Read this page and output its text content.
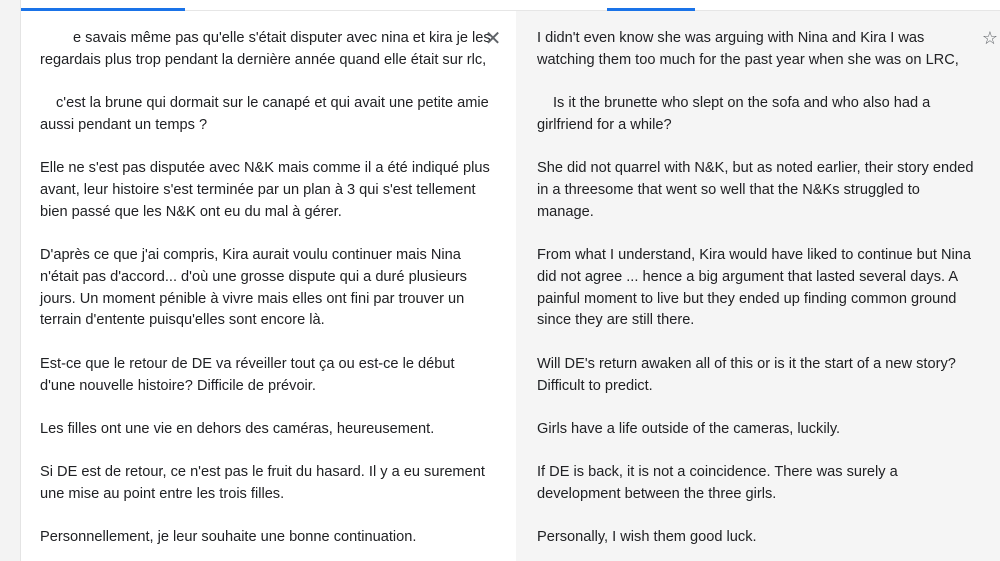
e savais même pas qu'elle s'était disputer avec nina et kira je les

regardais plus trop pendant la dernière année quand elle était sur rlc,

c'est la brune qui dormait sur le canapé et qui avait une petite amie

aussi pendant un temps ?

Elle ne s'est pas disputée avec N&K mais comme il a été indiqué plus

avant, leur histoire s'est terminée par un plan à 3 qui s'est tellement

bien passé que les N&K ont eu du mal à gérer.

D'après ce que j'ai compris, Kira aurait voulu continuer mais Nina

n'était pas d'accord... d'où une grosse dispute qui a duré plusieurs

jours. Un moment pénible à vivre mais elles ont fini par trouver un

terrain d'entente puisqu'elles sont encore là.

Est-ce que le retour de DE va réveiller tout ça ou est-ce le début

d'une nouvelle histoire? Difficile de prévoir.

Les filles ont une vie en dehors des caméras, heureusement.

Si DE est de retour, ce n'est pas le fruit du hasard. Il y a eu surement

une mise au point entre les trois filles.

Personnellement, je leur souhaite une bonne continuation.

✕ I didn't even know she was arguing with Nina and Kira I was

watching them too much for the past year when she was on LRC,

Is it the brunette who slept on the sofa and who also had a

girlfriend for a while?

She did not quarrel with N&K, but as noted earlier, their story ended

in a threesome that went so well that the N&Ks struggled to

manage.

From what I understand, Kira would have liked to continue but Nina

did not agree ... hence a big argument that lasted several days. A

painful moment to live but they ended up finding common ground

since they are still there.

Will DE's return awaken all of this or is it the start of a new story?

Difficult to predict.

Girls have a life outside of the cameras, luckily.

If DE is back, it is not a coincidence. There was surely a

development between the three girls.

Personally, I wish them good luck.

☆
